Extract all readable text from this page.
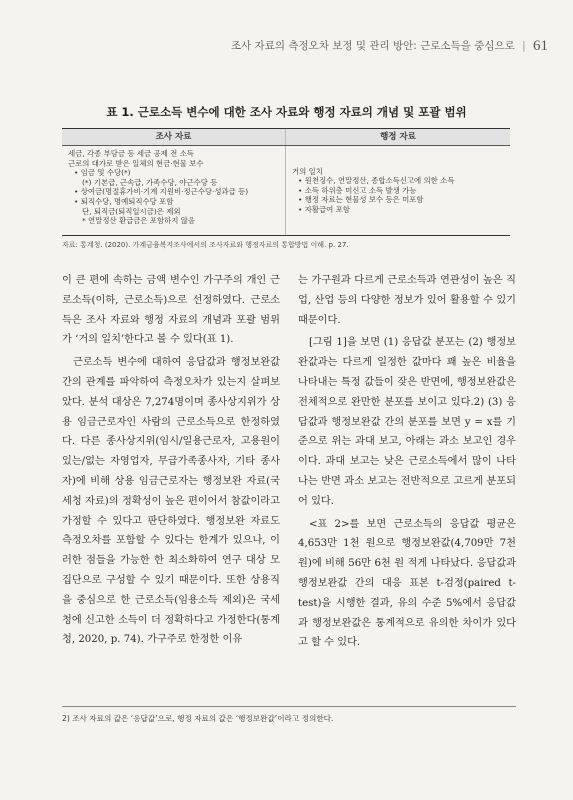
조사 자료의 측정오차 보정 및 관리 방안: 근로소득을 중심으로 | 61
표 1. 근로소득 변수에 대한 조사 자료와 행정 자료의 개념 및 포괄 범위
조사 자료	행정 자료
세금, 각종 부담금 등 세금 공제 전 소득
근로의 대가로 받은 일체의 현금·현물 보수
• 임금 및 수당(*)
(*) 기본급, 근속급, 가족수당, 야근수당 등
• 상여금(명절휴가비·기계 지원비·정근수당·성과급 등)
• 퇴직수당, 명예퇴직수당 포함
단, 퇴직금(퇴직일시금)은 제외
* 연말정산 환급금은 포함하지 않음
거의 일치
• 원천징수, 연말정산, 종합소득신고에 의한 소득
• 소득 하위층 미신고 소득 발생 가능
• 행정 자료는 현물성 보수 등은 미포함
• 자활급여 포함
자료: 통계청. (2020). 가계금융복지조사에서의 조사자료와 행정자료의 통합방법 이해. p. 27.

이 큰 편에 속하는 금액 변수인 가구주의 개인 근로소득(이하, 근로소득)으로 선정하였다. 근로소득은 조사 자료와 행정 자료의 개념과 포괄 범위가 ‘거의 일치’한다고 볼 수 있다(표 1).

근로소득 변수에 대하여 응답값과 행정보완값 간의 관계를 파악하여 측정오차가 있는지 살펴보았다. 분석 대상은 7,274명이며 종사상지위가 상용 임금근로자인 사람의 근로소득으로 한정하였다. 다른 종사상지위(임시/일용근로자, 고용원이 있는/없는 자영업자, 무급가족종사자, 기타 종사자)에 비해 상용 임금근로자는 행정보완 자료(국세청 자료)의 정확성이 높은 편이어서 참값이라고 가정할 수 있다고 판단하였다. 행정보완 자료도 측정오차를 포함할 수 있다는 한계가 있으나, 이러한 점들을 가능한 한 최소화하여 연구 대상 모집단으로 구성할 수 있기 때문이다. 또한 상용직을 중심으로 한 근로소득(임용소득 제외)은 국세청에 신고한 소득이 더 정확하다고 가정한다(통계청, 2020, p. 74). 가구주로 한정한 이유

는 가구원과 다르게 근로소득과 연관성이 높은 직업, 산업 등의 다양한 정보가 있어 활용할 수 있기 때문이다.

[그림 1]을 보면 (1) 응답값 분포는 (2) 행정보완값과는 다르게 일정한 값마다 꽤 높은 비율을 나타내는 특정 값들이 잦은 반면에, 행정보완값은 전체적으로 완만한 분포를 보이고 있다.2) (3) 응답값과 행정보완값 간의 분포를 보면 y = x를 기준으로 위는 과대 보고, 아래는 과소 보고인 경우이다. 과대 보고는 낮은 근로소득에서 많이 나타나는 반면 과소 보고는 전반적으로 고르게 분포되어 있다.

<표 2>를 보면 근로소득의 응답값 평균은 4,653만 1천 원으로 행정보완값(4,709만 7천 원)에 비해 56만 6천 원 적게 나타났다. 응답값과 행정보완값 간의 대응 표본 t-검정(paired t- test)을 시행한 결과, 유의 수준 5%에서 응답값과 행정보완값은 통계적으로 유의한 차이가 있다고 할 수 있다.

2) 조사 자료의 값은 ‘응답값’으로, 행정 자료의 값은 ‘행정보완값’이라고 정의한다.
